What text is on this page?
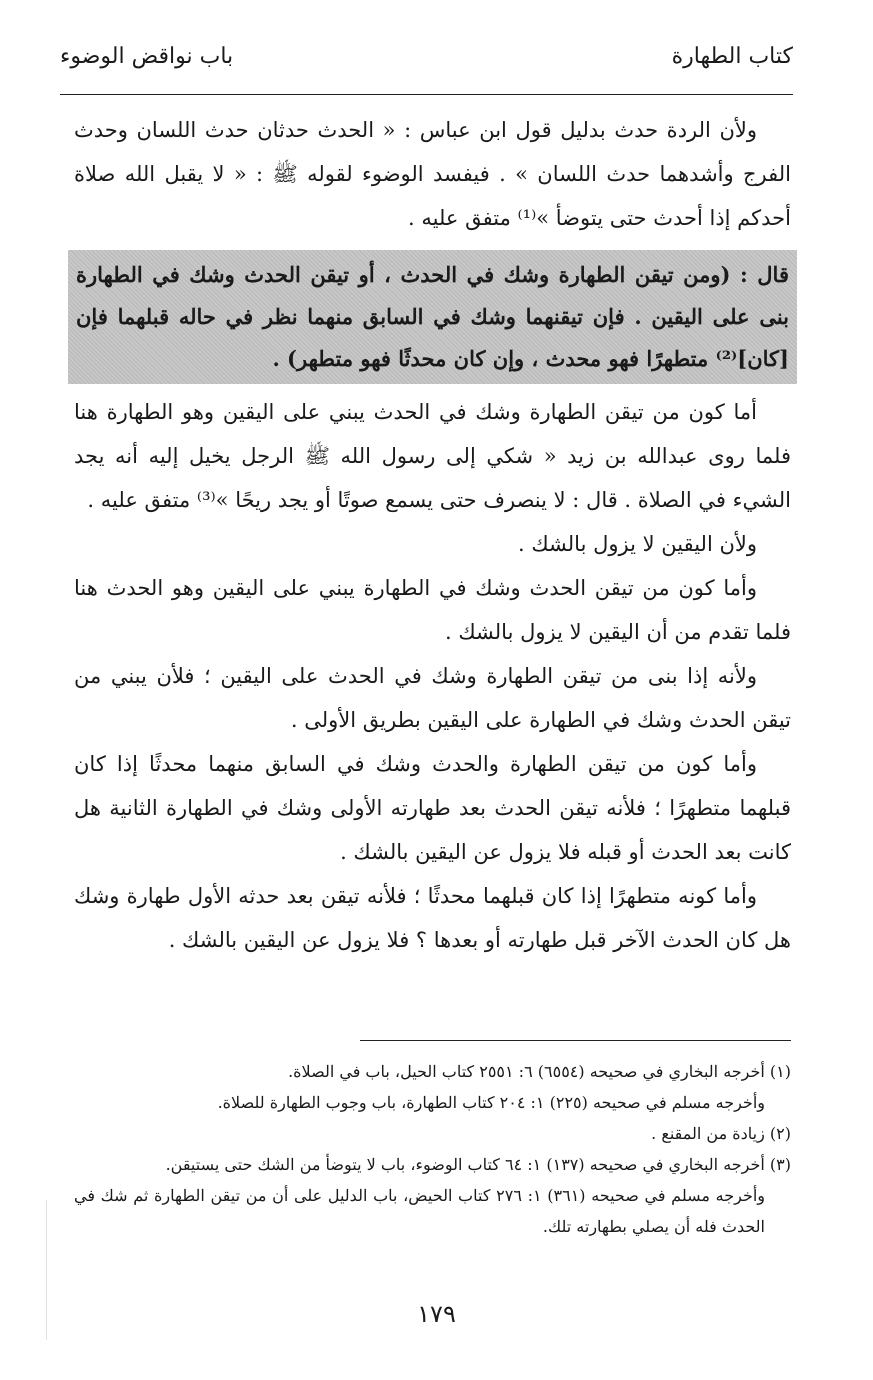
كتاب الطهارة
باب نواقض الوضوء

ولأن الردة حدث بدليل قول ابن عباس : « الحدث حدثان حدث اللسان وحدث الفرج وأشدهما حدث اللسان » . فيفسد الوضوء لقوله ﷺ : « لا يقبل الله صلاة أحدكم إذا أحدث حتى يتوضأ »⁽¹⁾ متفق عليه .

قال : (ومن تيقن الطهارة وشك في الحدث ، أو تيقن الحدث وشك في الطهارة بنى على اليقين . فإن تيقنهما وشك في السابق منهما نظر في حاله قبلهما فإن [كان]⁽²⁾ متطهرًا فهو محدث ، وإن كان محدثًا فهو متطهر) .

أما كون من تيقن الطهارة وشك في الحدث يبني على اليقين وهو الطهارة هنا فلما روى عبدالله بن زيد « شكي إلى رسول الله ﷺ الرجل يخيل إليه أنه يجد الشيء في الصلاة . قال : لا ينصرف حتى يسمع صوتًا أو يجد ريحًا »⁽³⁾ متفق عليه .

ولأن اليقين لا يزول بالشك .

وأما كون من تيقن الحدث وشك في الطهارة يبني على اليقين وهو الحدث هنا فلما تقدم من أن اليقين لا يزول بالشك .

ولأنه إذا بنى من تيقن الطهارة وشك في الحدث على اليقين ؛ فلأن يبني من تيقن الحدث وشك في الطهارة على اليقين بطريق الأولى .

وأما كون من تيقن الطهارة والحدث وشك في السابق منهما محدثًا إذا كان قبلهما متطهرًا ؛ فلأنه تيقن الحدث بعد طهارته الأولى وشك في الطهارة الثانية هل كانت بعد الحدث أو قبله فلا يزول عن اليقين بالشك .

وأما كونه متطهرًا إذا كان قبلهما محدثًا ؛ فلأنه تيقن بعد حدثه الأول طهارة وشك هل كان الحدث الآخر قبل طهارته أو بعدها ؟ فلا يزول عن اليقين بالشك .

(١) أخرجه البخاري في صحيحه (٦٥٥٤) ٦: ٢٥٥١ كتاب الحيل، باب في الصلاة.

وأخرجه مسلم في صحيحه (٢٢٥) ١: ٢٠٤ كتاب الطهارة، باب وجوب الطهارة للصلاة.

(٢) زيادة من المقنع .

(٣) أخرجه البخاري في صحيحه (١٣٧) ١: ٦٤ كتاب الوضوء، باب لا يتوضأ من الشك حتى يستيقن.

وأخرجه مسلم في صحيحه (٣٦١) ١: ٢٧٦ كتاب الحيض، باب الدليل على أن من تيقن الطهارة ثم شك في الحدث فله أن يصلي بطهارته تلك.

١٧٩
